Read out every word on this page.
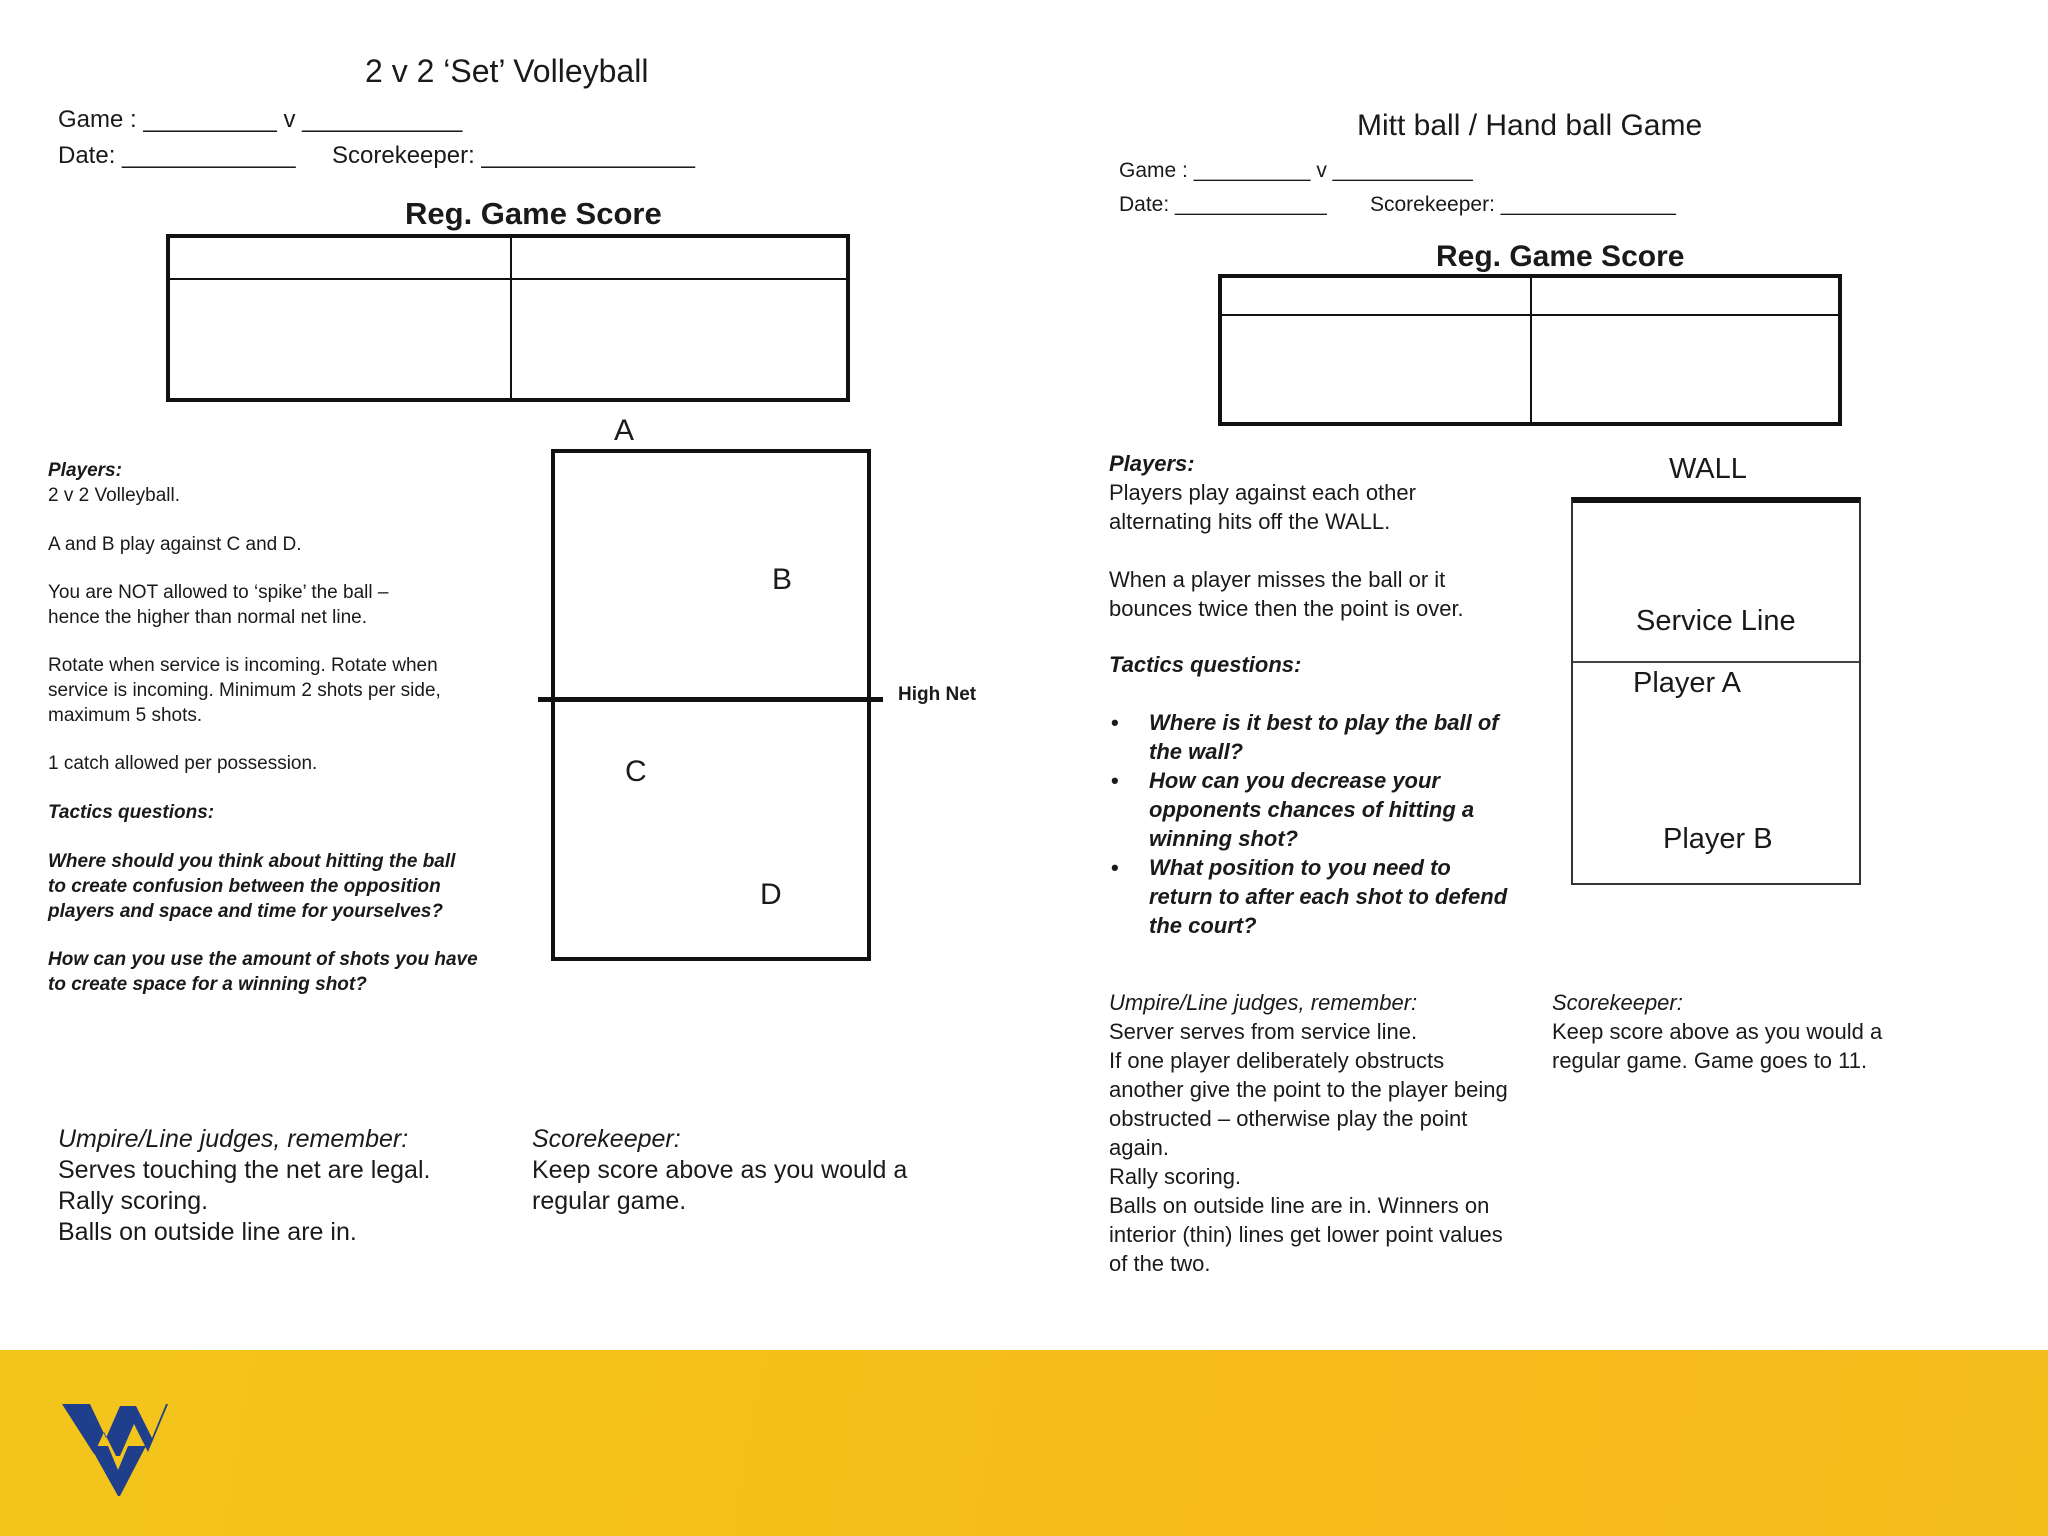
2 v 2 ‘Set’ Volleyball
Game : __________ v ____________
Date: _____________ Scorekeeper: ________________
Reg. Game Score
A
High Net
B
C
D
Players:
2 v 2 Volleyball.
A and B play against C and D.
You are NOT allowed to ‘spike’ the ball – hence the higher than normal net line.
Rotate when service is incoming. Rotate when service is incoming. Minimum 2 shots per side, maximum 5 shots.
1 catch allowed per possession.
Tactics questions:
Where should you think about hitting the ball to create confusion between the opposition players and space and time for yourselves?
How can you use the amount of shots you have to create space for a winning shot?
Umpire/Line judges, remember:
Serves touching the net are legal.
Rally scoring.
Balls on outside line are in.
Scorekeeper:
Keep score above as you would a regular game.
Mitt ball / Hand ball Game
Game : __________ v ____________
Date: _____________ Scorekeeper: _______________
Reg. Game Score
WALL
Service Line
Player A
Player B
Players:
Players play against each other alternating hits off the WALL.
When a player misses the ball or it bounces twice then the point is over.
Tactics questions:
• Where is it best to play the ball of the wall?
• How can you decrease your opponents chances of hitting a winning shot?
• What position to you need to return to after each shot to defend the court?
Umpire/Line judges, remember:
Server serves from service line.
If one player deliberately obstructs another give the point to the player being obstructed – otherwise play the point again.
Rally scoring.
Balls on outside line are in. Winners on interior (thin) lines get lower point values of the two.
Scorekeeper:
Keep score above as you would a regular game. Game goes to 11.
